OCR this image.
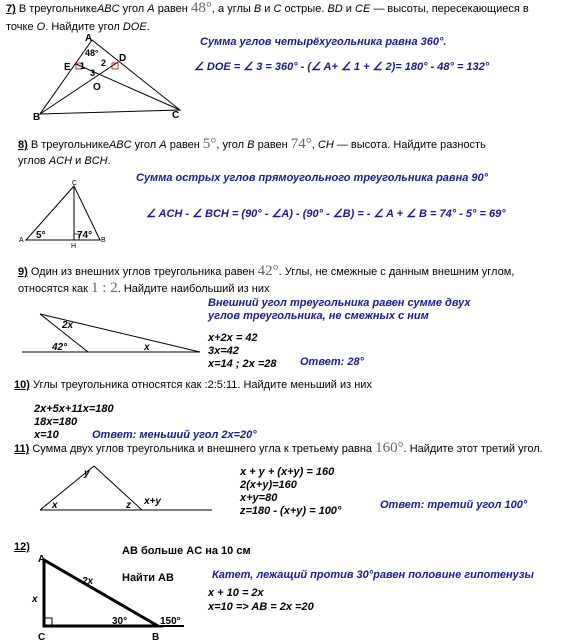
7) В треугольникеABC угол A равен 48°, а углы B и C острые. BD и CE — высоты, пересекающиеся в
точке O. Найдите угол DOE.
A
48°
E
D
1 2
3
O
B	C
Сумма углов четырёхугольника равна 360°.
∠ DOE = ∠ 3 = 360° - (∠ A+ ∠ 1 + ∠ 2)= 180° - 48° = 132°
8) В треугольникеABC угол A равен 5°, угол B равен 74°, CH — высота. Найдите разность
углов ACH и BCH.
Сумма острых углов прямоугольного треугольника равна 90°
C
A
H
B
5°	74°
∠ ACH - ∠ BCH = (90° - ∠A) - (90° - ∠B) = - ∠ A + ∠ B = 74° - 5° = 69°
9) Один из внешних углов треугольника равен 42°. Углы, не смежные с данным внешним углом,
относятся как 1 : 2. Найдите наибольший из них
2x
42°	x
Внешний угол треугольника равен сумме двух
углов треугольника, не смежных с ним
x+2x = 42
3x=42
x=14 ; 2x =28 Ответ: 28°
10) Углы треугольника относятся как :2:5:11. Найдите меньший из них
2x+5x+11x=180
18x=180
x=10	Ответ: меньший угол 2х=20°
11) Сумма двух углов треугольника и внешнего угла к третьему равна 160°. Найдите этот третий угол.
y
x	z x+y
x + y + (x+y) = 160
2(x+y)=160
x+y=80
z=180 - (x+y) = 100°	Ответ: третий угол 100°
12)
A
C	B
x
2x
30°	150°
AB больше AC на 10 см
Найти AB	Катет, лежащий против 30°равен половине гипотенузы
x + 10 = 2x
x=10 => AB = 2x =20
